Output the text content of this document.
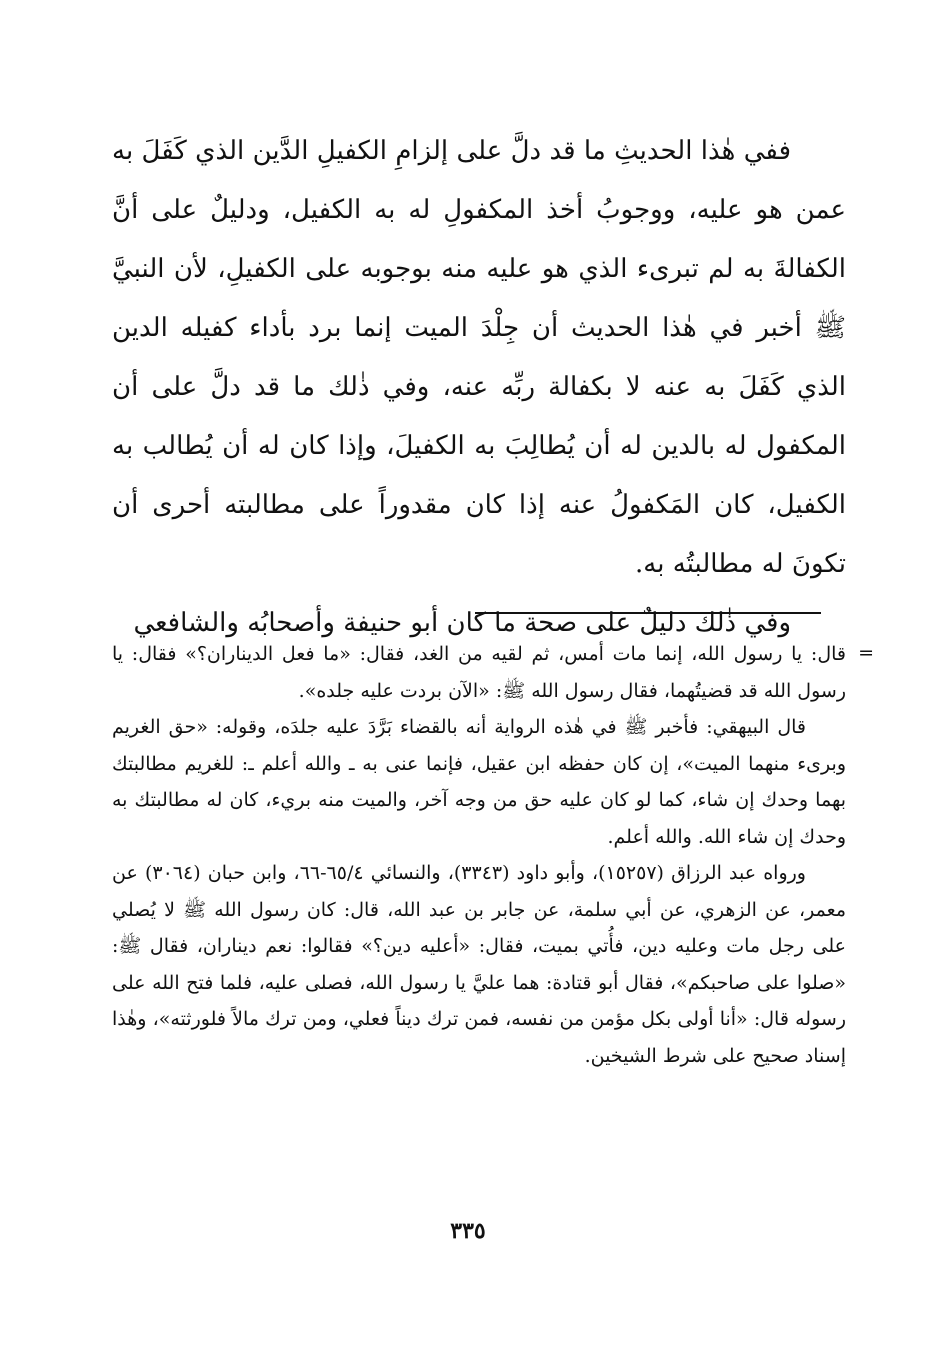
ففي هٰذا الحديثِ ما قد دلَّ على إلزامِ الكفيلِ الدَّين الذي كَفَلَ به عمن هو عليه، ووجوبُ أخذ المكفولِ له به الكفيل، ودليلٌ على أنَّ الكفالةَ به لم تبرىء الذي هو عليه منه بوجوبه على الكفيلِ، لأن النبيَّ ﷺ أخبر في هٰذا الحديث أن جِلْدَ الميت إنما برد بأداء كفيله الدين الذي كَفَلَ به عنه لا بكفالة ربِّه عنه، وفي ذٰلك ما قد دلَّ على أن المكفول له بالدين له أن يُطالِبَ به الكفيلَ، وإذا كان له أن يُطالب به الكفيل، كان المَكفولُ عنه إذا كان مقدوراً على مطالبته أحرى أن تكونَ له مطالبتُه به.

وفي ذٰلك دليلٌ على صحة ما كان أبو حنيفة وأصحابُه والشافعي

=

قال: يا رسول الله، إنما مات أمس، ثم لقيه من الغد، فقال: «ما فعل الديناران؟» فقال: يا رسول الله قد قضيتُهما، فقال رسول الله ﷺ: «الآن بردت عليه جلده».

قال البيهقي: فأخبر ﷺ في هٰذه الرواية أنه بالقضاء بَرَّدَ عليه جلدَه، وقوله: «حق الغريم وبرىء منهما الميت»، إن كان حفظه ابن عقيل، فإنما عنى به ـ والله أعلم ـ: للغريم مطالبتك بهما وحدك إن شاء، كما لو كان عليه حق من وجه آخر، والميت منه بريء، كان له مطالبتك به وحدك إن شاء الله. والله أعلم.

ورواه عبد الرزاق (١٥٢٥٧)، وأبو داود (٣٣٤٣)، والنسائي ٦٥/٤-٦٦، وابن حبان (٣٠٦٤) عن معمر، عن الزهري، عن أبي سلمة، عن جابر بن عبد الله، قال: كان رسول الله ﷺ لا يُصلي على رجل مات وعليه دين، فأُتي بميت، فقال: «أعليه دين؟» فقالوا: نعم ديناران، فقال ﷺ: «صلوا على صاحبكم»، فقال أبو قتادة: هما عليَّ يا رسول الله، فصلى عليه، فلما فتح الله على رسوله قال: «أنا أولى بكل مؤمن من نفسه، فمن ترك ديناً فعلي، ومن ترك مالاً فلورثته»، وهٰذا إسناد صحيح على شرط الشيخين.

٣٣٥
